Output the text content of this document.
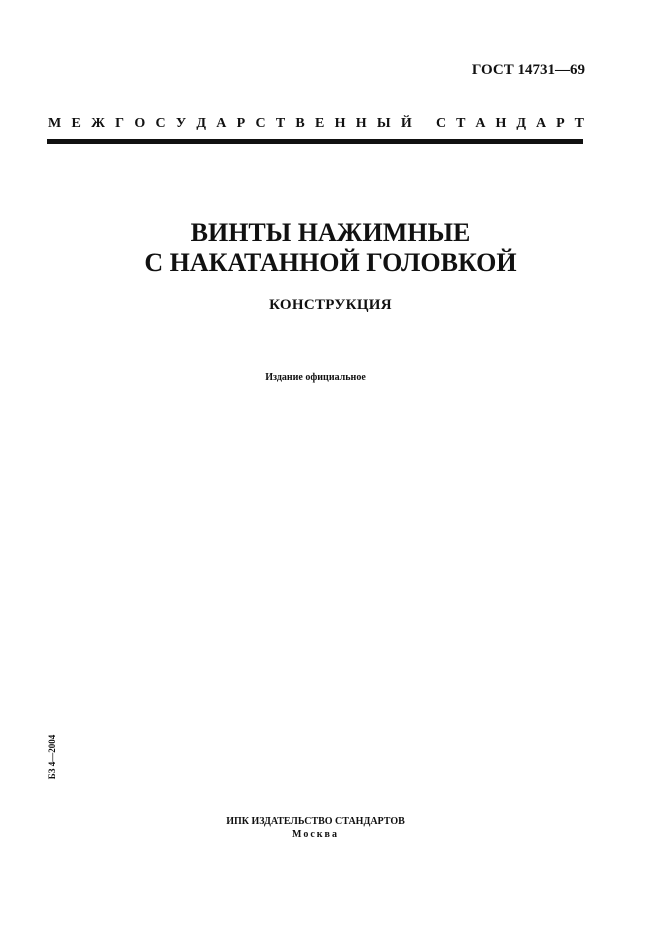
ГОСТ 14731—69
М Е Ж Г О С У Д А Р С Т В Е Н Н Ы Й С Т А Н Д А Р Т
ВИНТЫ НАЖИМНЫЕ
С НАКАТАННОЙ ГОЛОВКОЙ
КОНСТРУКЦИЯ
Издание официальное
БЗ 4—2004
ИПК ИЗДАТЕЛЬСТВО СТАНДАРТОВ
Москва
